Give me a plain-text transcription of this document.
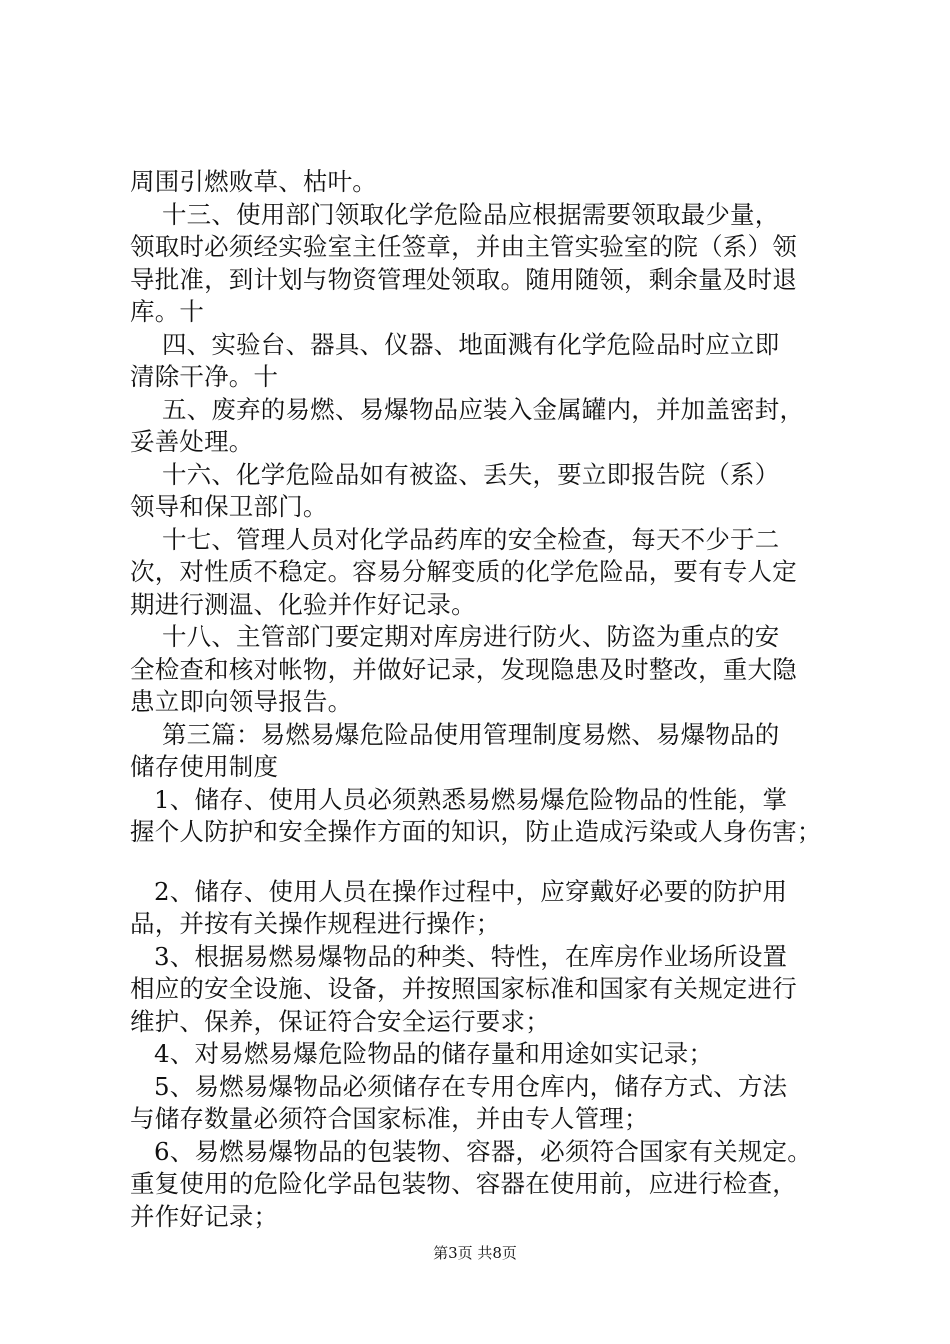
周围引燃败草、枯叶。
十三、使用部门领取化学危险品应根据需要领取最少量，
领取时必须经实验室主任签章，并由主管实验室的院（系）领
导批准，到计划与物资管理处领取。随用随领，剩余量及时退
库。十
四、实验台、器具、仪器、地面溅有化学危险品时应立即
清除干净。十
五、废弃的易燃、易爆物品应装入金属罐内，并加盖密封，
妥善处理。
十六、化学危险品如有被盗、丢失，要立即报告院（系）
领导和保卫部门。
十七、管理人员对化学品药库的安全检查，每天不少于二
次，对性质不稳定。容易分解变质的化学危险品，要有专人定
期进行测温、化验并作好记录。
十八、主管部门要定期对库房进行防火、防盗为重点的安
全检查和核对帐物，并做好记录，发现隐患及时整改，重大隐
患立即向领导报告。
第三篇：易燃易爆危险品使用管理制度易燃、易爆物品的
储存使用制度
1、储存、使用人员必须熟悉易燃易爆危险物品的性能，掌
握个人防护和安全操作方面的知识，防止造成污染或人身伤害；
2、储存、使用人员在操作过程中，应穿戴好必要的防护用
品，并按有关操作规程进行操作；
3、根据易燃易爆物品的种类、特性，在库房作业场所设置
相应的安全设施、设备，并按照国家标准和国家有关规定进行
维护、保养，保证符合安全运行要求；
4、对易燃易爆危险物品的储存量和用途如实记录；
5、易燃易爆物品必须储存在专用仓库内，储存方式、方法
与储存数量必须符合国家标准，并由专人管理；
6、易燃易爆物品的包装物、容器，必须符合国家有关规定。
重复使用的危险化学品包装物、容器在使用前，应进行检查，
并作好记录；
第3页 共8页
